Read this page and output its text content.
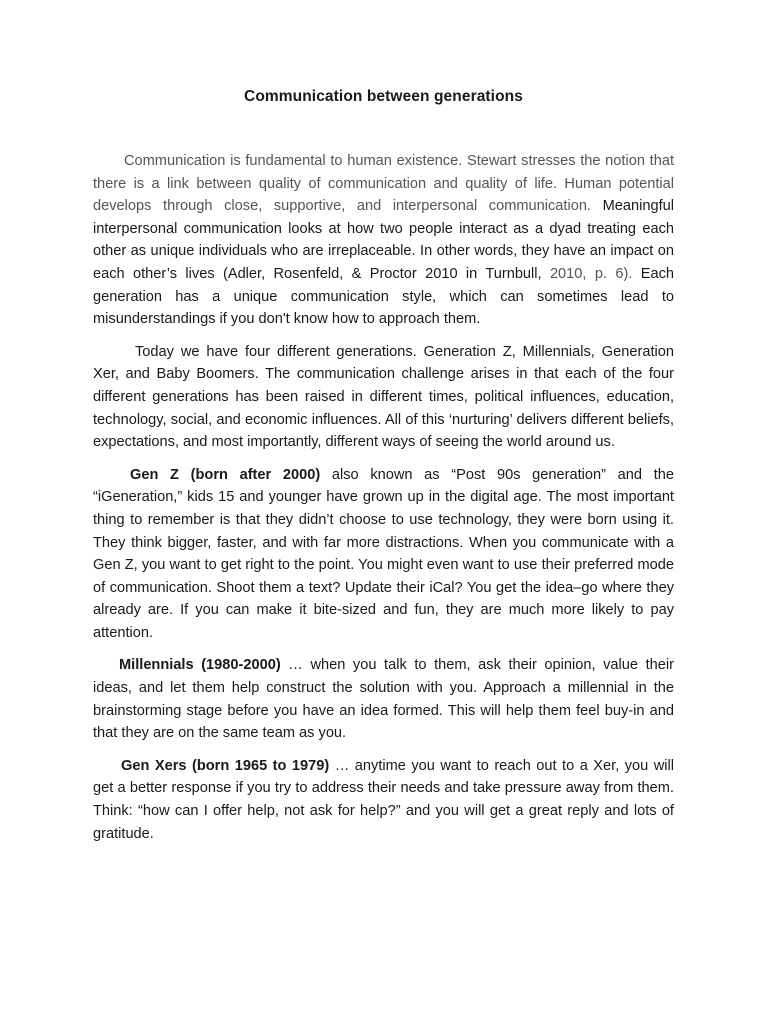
Communication between generations

Communication is fundamental to human existence. Stewart stresses the notion that there is a link between quality of communication and quality of life. Human potential develops through close, supportive, and interpersonal communication. Meaningful interpersonal communication looks at how two people interact as a dyad treating each other as unique individuals who are irreplaceable. In other words, they have an impact on each other’s lives (Adler, Rosenfeld, & Proctor 2010 in Turnbull, 2010, p. 6). Each generation has a unique communication style, which can sometimes lead to misunderstandings if you don't know how to approach them.

Today we have four different generations. Generation Z, Millennials, Generation Xer, and Baby Boomers. The communication challenge arises in that each of the four different generations has been raised in different times, political influences, education, technology, social, and economic influences. All of this ‘nurturing’ delivers different beliefs, expectations, and most importantly, different ways of seeing the world around us.

Gen Z (born after 2000) also known as “Post 90s generation” and the “iGeneration,” kids 15 and younger have grown up in the digital age. The most important thing to remember is that they didn’t choose to use technology, they were born using it. They think bigger, faster, and with far more distractions. When you communicate with a Gen Z, you want to get right to the point. You might even want to use their preferred mode of communication. Shoot them a text? Update their iCal? You get the idea–go where they already are. If you can make it bite-sized and fun, they are much more likely to pay attention.

Millennials (1980-2000) … when you talk to them, ask their opinion, value their ideas, and let them help construct the solution with you. Approach a millennial in the brainstorming stage before you have an idea formed. This will help them feel buy-in and that they are on the same team as you.

Gen Xers (born 1965 to 1979) … anytime you want to reach out to a Xer, you will get a better response if you try to address their needs and take pressure away from them. Think: “how can I offer help, not ask for help?” and you will get a great reply and lots of gratitude.
